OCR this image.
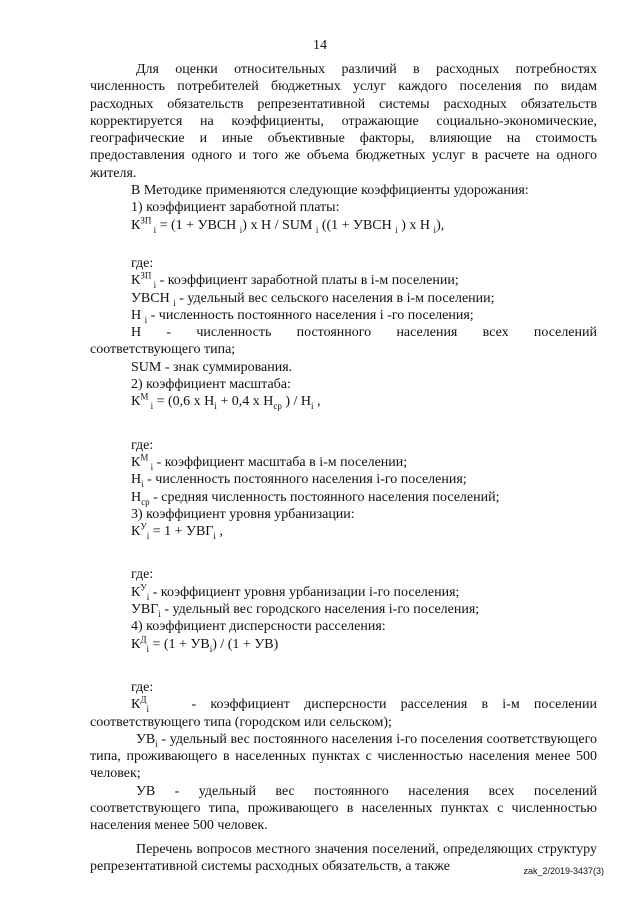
14

Для оценки относительных различий в расходных потребностях численность потребителей бюджетных услуг каждого поселения по видам расходных обязательств репрезентативной системы расходных обязательств корректируется на коэффициенты, отражающие социально-экономические, географические и иные объективные факторы, влияющие на стоимость предоставления одного и того же объема бюджетных услуг в расчете на одного жителя.

В Методике применяются следующие коэффициенты удорожания:

1) коэффициент заработной платы:

$К^{ЗП}$ $_i$ = (1 + УВСН $_i$) х Н / SUM $_i$ ((1 + УВСН $_i$ ) х Н $_i$),

где:

$К^{ЗП}$ $_i$ - коэффициент заработной платы в i-м поселении;

УВСН $_i$ - удельный вес сельского населения в i-м поселении;

Н $_i$ - численность постоянного населения i -го поселения;

Н - численность постоянного населения всех поселений

соответствующего типа;

SUM - знак суммирования.

2) коэффициент масштаба:

$К^М$ $_i$ = (0,6 х $Н_i + 0,4$ х $Н_{ср}$ ) / $Н_i$ ,

где:

$К^М$ $_i$ - коэффициент масштаба в i-м поселении;

$Н_i$ - численность постоянного населения i-го поселения;

$Н_{ср}$ - средняя численность постоянного населения поселений;

3) коэффициент уровня урбанизации:

$К^У_i = 1 + УВГ_i$ ,

где:

$К^У_i$ - коэффициент уровня урбанизации i-го поселения;

$УВГ_i$ - удельный вес городского населения i-го поселения;

4) коэффициент дисперсности расселения:

$К^Д_i = (1 + УВ_i) / (1 + УВ)$

где:

$К^Д_i$   - коэффициент дисперсности расселения в i-м поселении

соответствующего типа (городском или сельском);

$УВ_i$ - удельный вес постоянного населения i-го поселения соответствующего типа, проживающего в населенных пунктах с численностью населения менее 500 человек;

УВ - удельный вес постоянного населения всех поселений соответствующего типа, проживающего в населенных пунктах с численностью населения менее 500 человек.

Перечень вопросов местного значения поселений, определяющих структуру репрезентативной системы расходных обязательств, а также	zak_2/2019-3437(3)
